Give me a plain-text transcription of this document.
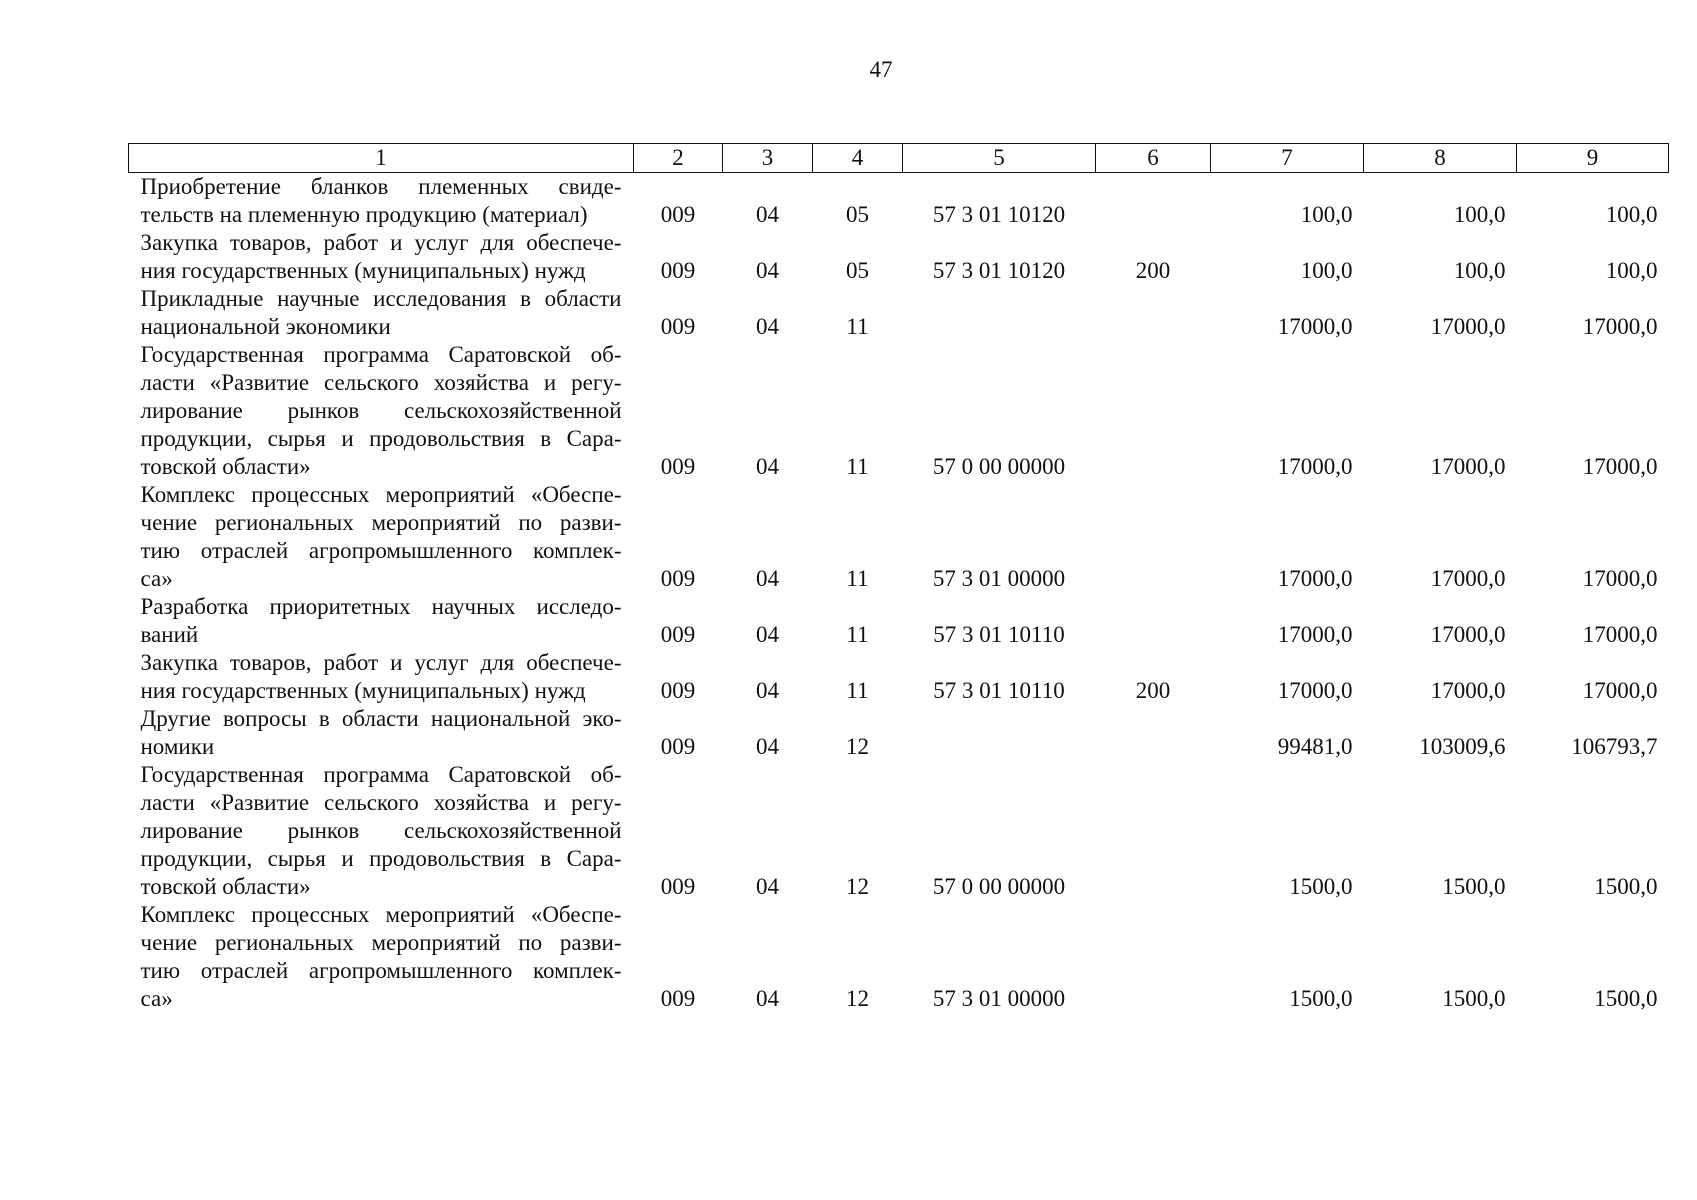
47
1	2	3	4	5	6	7	8	9

Приобретение бланков племенных свиде-
тельств на племенную продукцию (материал)	009	04	05	57 3 01 10120		100,0	100,0	100,0

Закупка товаров, работ и услуг для обеспече-
ния государственных (муниципальных) нужд	009	04	05	57 3 01 10120	200	100,0	100,0	100,0

Прикладные научные исследования в области
национальной экономики	009	04	11			17000,0	17000,0	17000,0

Государственная программа Саратовской об-
ласти «Развитие сельского хозяйства и регу-
лирование рынков сельскохозяйственной
продукции, сырья и продовольствия в Сара-
товской области»	009	04	11	57 0 00 00000		17000,0	17000,0	17000,0

Комплекс процессных мероприятий «Обеспе-
чение региональных мероприятий по разви-
тию отраслей агропромышленного комплек-
са»	009	04	11	57 3 01 00000		17000,0	17000,0	17000,0

Разработка приоритетных научных исследо-
ваний	009	04	11	57 3 01 10110		17000,0	17000,0	17000,0

Закупка товаров, работ и услуг для обеспече-
ния государственных (муниципальных) нужд	009	04	11	57 3 01 10110	200	17000,0	17000,0	17000,0

Другие вопросы в области национальной эко-
номики	009	04	12			99481,0	103009,6	106793,7

Государственная программа Саратовской об-
ласти «Развитие сельского хозяйства и регу-
лирование рынков сельскохозяйственной
продукции, сырья и продовольствия в Сара-
товской области»	009	04	12	57 0 00 00000		1500,0	1500,0	1500,0

Комплекс процессных мероприятий «Обеспе-
чение региональных мероприятий по разви-
тию отраслей агропромышленного комплек-
са»	009	04	12	57 3 01 00000		1500,0	1500,0	1500,0
